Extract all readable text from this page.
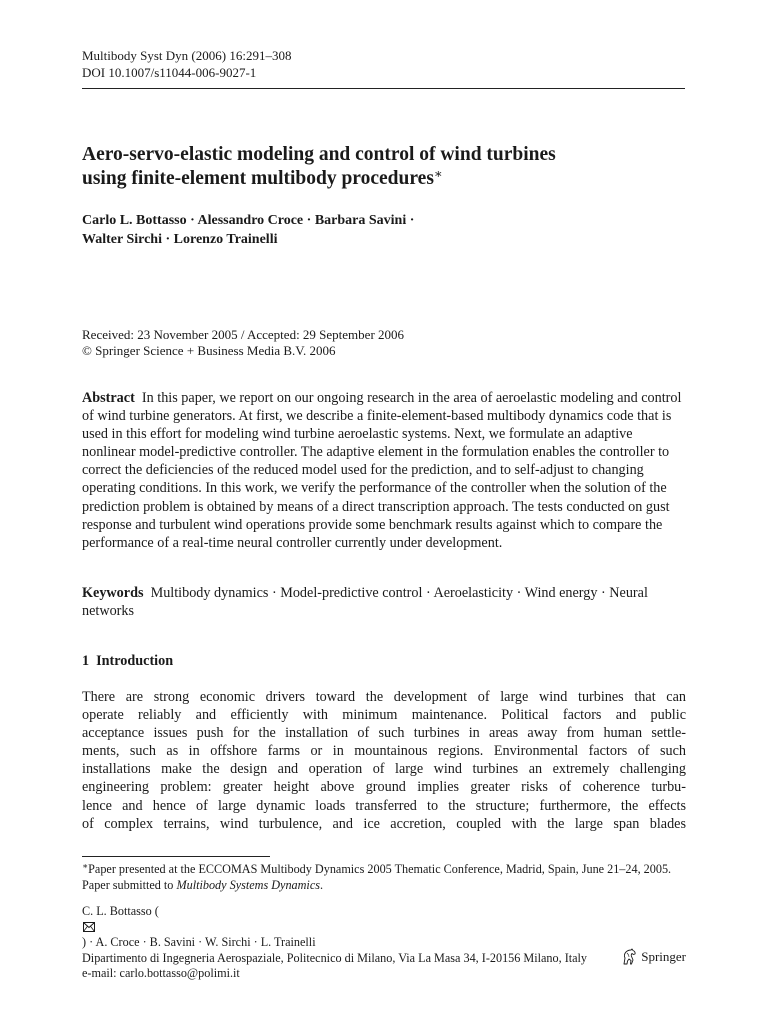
Multibody Syst Dyn (2006) 16:291–308
DOI 10.1007/s11044-006-9027-1
Aero-servo-elastic modeling and control of wind turbines
using finite-element multibody procedures∗
Carlo L. Bottasso · Alessandro Croce · Barbara Savini ·
Walter Sirchi · Lorenzo Trainelli
Received: 23 November 2005 / Accepted: 29 September 2006
© Springer Science + Business Media B.V. 2006

Abstract In this paper, we report on our ongoing research in the area of aeroelastic modeling and control of wind turbine generators. At first, we describe a finite-element-based multibody dynamics code that is used in this effort for modeling wind turbine aeroelastic systems. Next, we formulate an adaptive nonlinear model-predictive controller. The adaptive element in the formulation enables the controller to correct the deficiencies of the reduced model used for the prediction, and to self-adjust to changing operating conditions. In this work, we verify the performance of the controller when the solution of the prediction problem is obtained by means of a direct transcription approach. The tests conducted on gust response and turbulent wind operations provide some benchmark results against which to compare the performance of a real-time neural controller currently under development.

Keywords Multibody dynamics · Model-predictive control · Aeroelasticity · Wind energy · Neural networks

1 Introduction
There are strong economic drivers toward the development of large wind turbines that can
operate reliably and efficiently with minimum maintenance. Political factors and public
acceptance issues push for the installation of such turbines in areas away from human settle-
ments, such as in offshore farms or in mountainous regions. Environmental factors of such
installations make the design and operation of large wind turbines an extremely challenging
engineering problem: greater height above ground implies greater risks of coherence turbu-
lence and hence of large dynamic loads transferred to the structure; furthermore, the effects
of complex terrains, wind turbulence, and ice accretion, coupled with the large span blades

∗Paper presented at the ECCOMAS Multibody Dynamics 2005 Thematic Conference, Madrid, Spain, June 21–24, 2005. Paper submitted to Multibody Systems Dynamics.

C. L. Bottasso (
) · A. Croce · B. Savini · W. Sirchi · L. Trainelli
Dipartimento di Ingegneria Aerospaziale, Politecnico di Milano, Via La Masa 34, I-20156 Milano, Italy
e-mail: carlo.bottasso@polimi.it
Springer
